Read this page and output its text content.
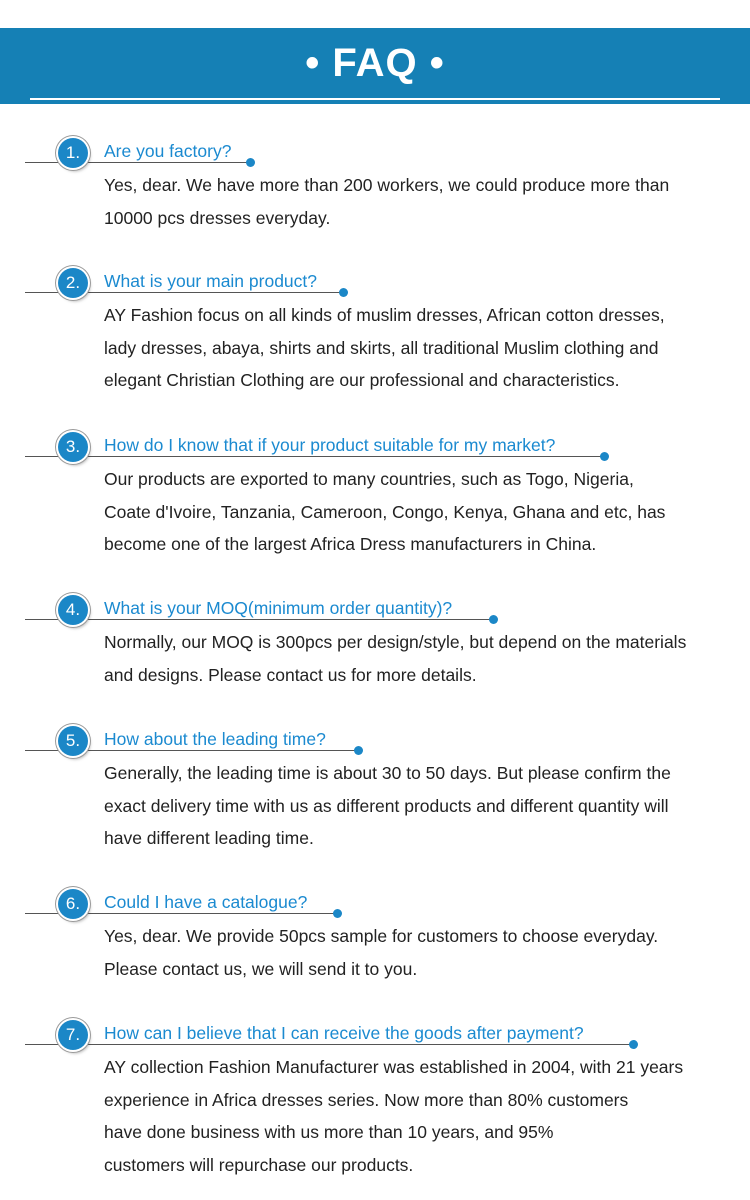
• FAQ •
1.	Are you factory?

Yes, dear. We have more than 200 workers, we could produce more than

10000 pcs dresses everyday.

2.	What is your main product?

AY Fashion focus on all kinds of muslim dresses, African cotton dresses,

lady dresses, abaya, shirts and skirts, all traditional Muslim clothing and

elegant Christian Clothing are our professional and characteristics.

3.	How do I know that if your product suitable for my market?

Our products are exported to many countries, such as Togo, Nigeria,

Coate d'Ivoire, Tanzania, Cameroon, Congo, Kenya, Ghana and etc, has

become one of the largest Africa Dress manufacturers in China.

4.	What is your MOQ(minimum order quantity)?

Normally, our MOQ is 300pcs per design/style, but depend on the materials

and designs. Please contact us for more details.

5.	How about the leading time?

Generally, the leading time is about 30 to 50 days. But please confirm the

exact delivery time with us as different products and different quantity will

have different leading time.

6.	Could I have a catalogue?

Yes, dear. We provide 50pcs sample for customers to choose everyday.

Please contact us, we will send it to you.

7.	How can I believe that I can receive the goods after payment?

AY collection Fashion Manufacturer was established in 2004, with 21 years

experience in Africa dresses series. Now more than 80% customers

have done business with us more than 10 years, and 95%

customers will repurchase our products.
